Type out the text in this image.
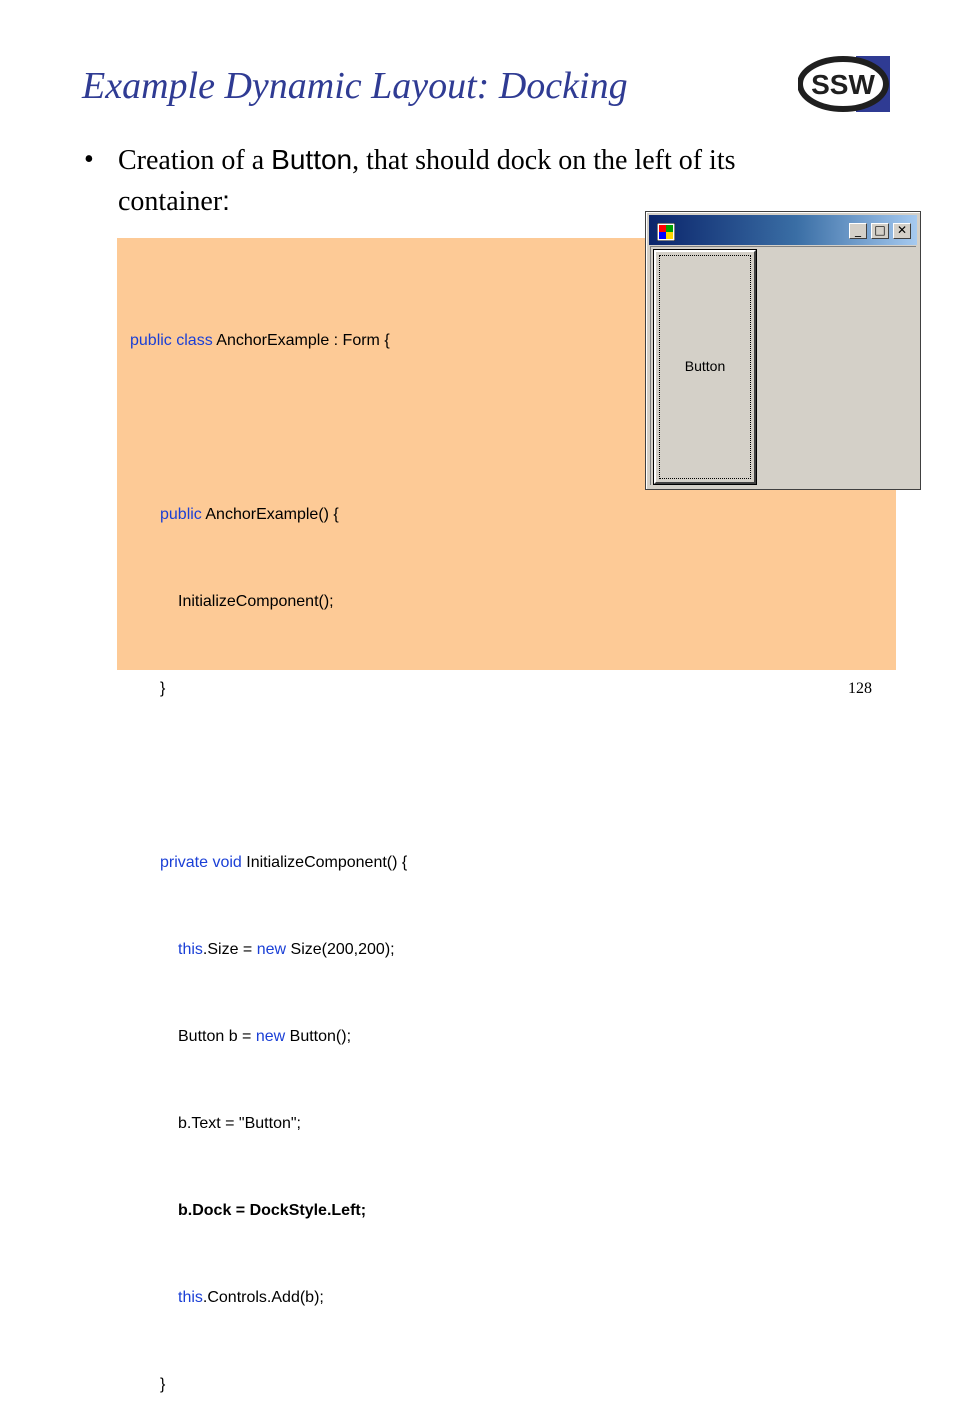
Example Dynamic Layout: Docking	SSW
• Creation of a Button, that should dock on the left of its container:

public class AnchorExample : Form {

public AnchorExample() {

InitializeComponent();

}

private void InitializeComponent() {

this.Size = new Size(200,200);

Button b = new Button();

b.Text = "Button";

b.Dock = DockStyle.Left;

this.Controls.Add(b);

}

_	□ ✕
Button
128
